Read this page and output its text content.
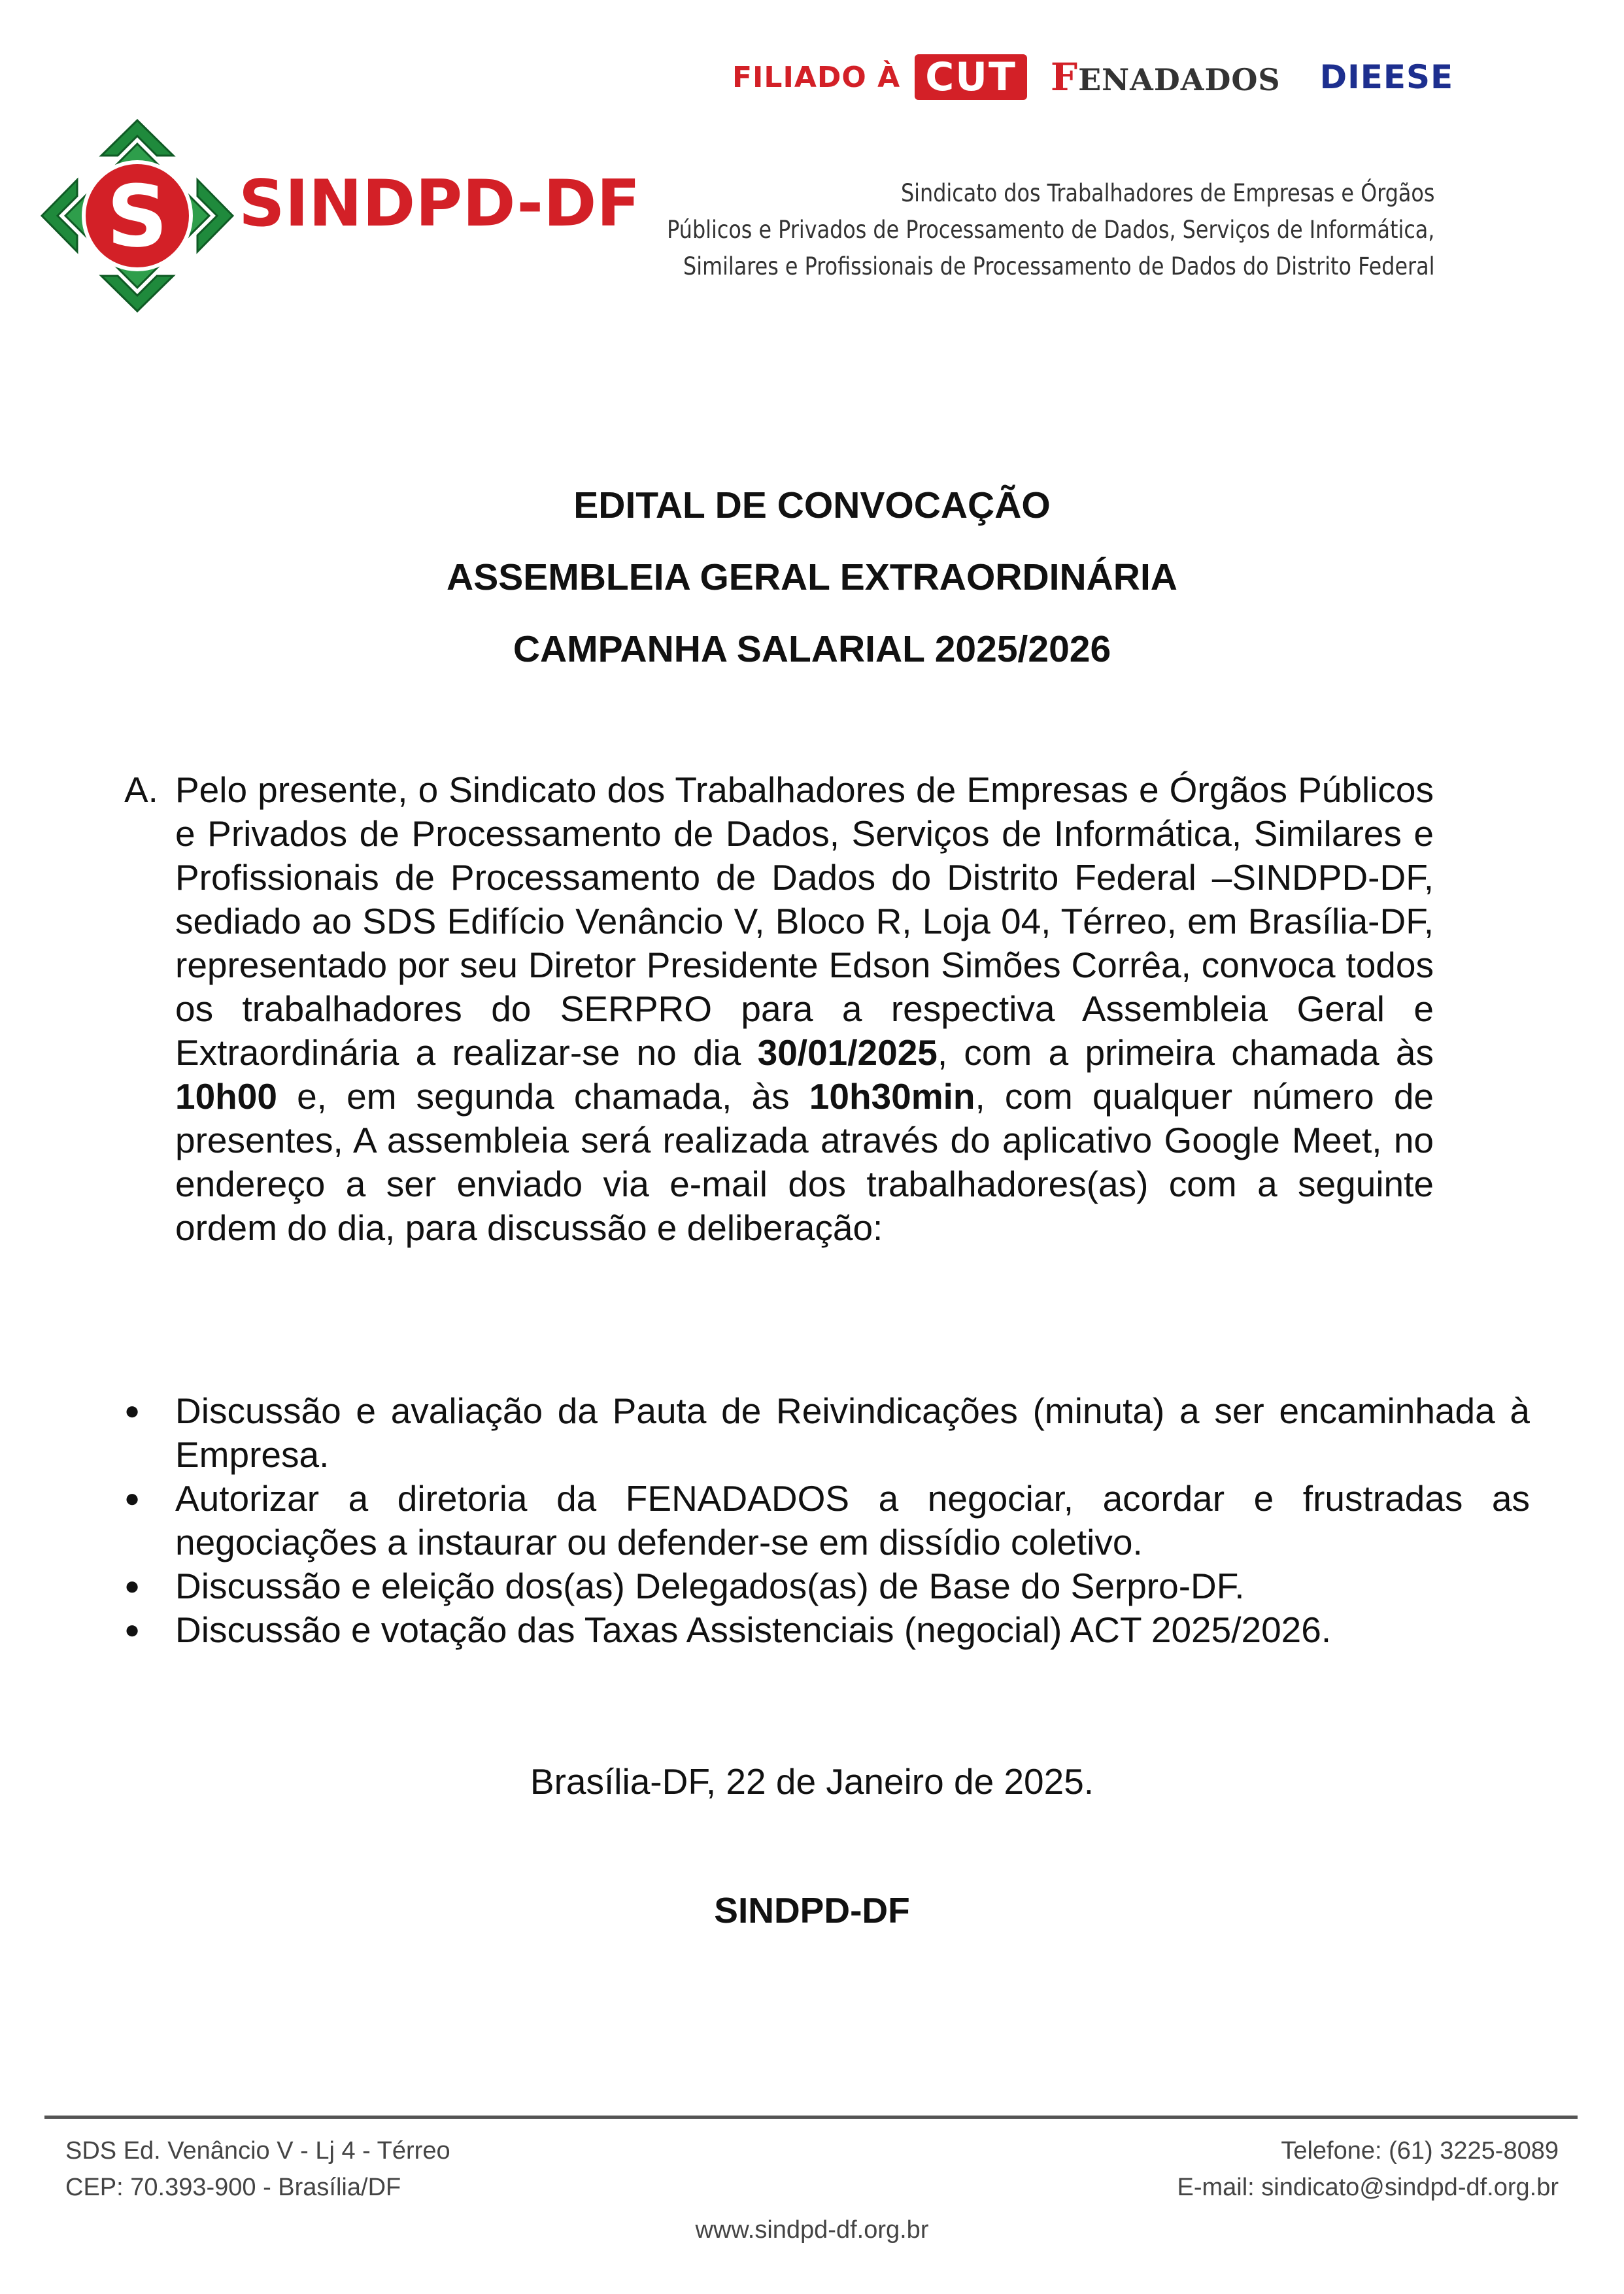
FILIADO À CUT FENADADOS DIEESE
S SINDPD-DF	Sindicato dos Trabalhadores de Empresas e Órgãos
Públicos e Privados de Processamento de Dados, Serviços de Informática,
Similares e Profissionais de Processamento de Dados do Distrito Federal
EDITAL DE CONVOCAÇÃO
ASSEMBLEIA GERAL EXTRAORDINÁRIA
CAMPANHA SALARIAL 2025/2026
A. Pelo presente, o Sindicato dos Trabalhadores de Empresas e Órgãos Públicos e Privados de Processamento de Dados, Serviços de Informática, Similares e Profissionais de Processamento de Dados do Distrito Federal –SINDPD-DF, sediado ao SDS Edifício Venâncio V, Bloco R, Loja 04, Térreo, em Brasília-DF, representado por seu Diretor Presidente Edson Simões Corrêa, convoca todos os trabalhadores do SERPRO para a respectiva Assembleia Geral e Extraordinária a realizar-se no dia 30/01/2025, com a primeira chamada às 10h00 e, em segunda chamada, às 10h30min, com qualquer número de presentes, A assembleia será realizada através do aplicativo Google Meet, no endereço a ser enviado via e-mail dos trabalhadores(as) com a seguinte ordem do dia, para discussão e deliberação:
● Discussão e avaliação da Pauta de Reivindicações (minuta) a ser encaminhada à Empresa.
● Autorizar a diretoria da FENADADOS a negociar, acordar e frustradas as negociações a instaurar ou defender-se em dissídio coletivo.
● Discussão e eleição dos(as) Delegados(as) de Base do Serpro-DF.
● Discussão e votação das Taxas Assistenciais (negocial) ACT 2025/2026.
Brasília-DF, 22 de Janeiro de 2025.
SINDPD-DF
SDS Ed. Venâncio V - Lj 4 - Térreo
CEP: 70.393-900 - Brasília/DF
Telefone: (61) 3225-8089
E-mail: sindicato@sindpd-df.org.br
www.sindpd-df.org.br
